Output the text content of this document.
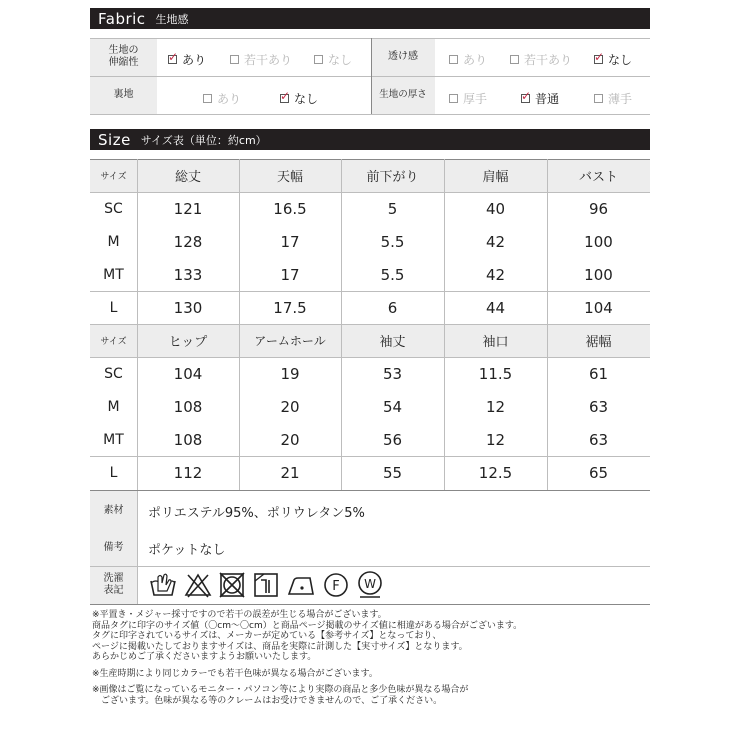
Fabric 生地感
生地の
伸縮性 ✓	あり	若干あり	なし	透け感	あり	若干あり ✓	なし
裏地	あり ✓	なし	生地の厚さ	厚手 ✓	普通	薄手
Size サイズ表（単位：約cm）
サイズ	総丈	天幅	前下がり	肩幅	バスト
SC	121	16.5	5	40	96
M	128	17	5.5	42	100
MT	133	17	5.5	42	100
L	130	17.5	6	44	104
サイズ	ヒップ	アームホール	袖丈	袖口	裾幅
SC	104	19	53	11.5	61
M	108	20	54	12	63
MT	108	20	56	12	63
L	112	21	55	12.5	65
素材	ポリエステル95%、ポリウレタン5%
備考	ポケットなし
洗濯
表記	F W
※平置き・メジャー採寸ですので若干の誤差が生じる場合がございます。
商品タグに印字のサイズ値（〇cm〜〇cm）と商品ページ掲載のサイズ値に相違がある場合がございます。
タグに印字されているサイズは、メーカーが定めている【参考サイズ】となっており、
ページに掲載いたしておりますサイズは、商品を実際に計測した【実寸サイズ】となります。
あらかじめご了承くださいますようお願いいたします。
※生産時期により同じカラーでも若干色味が異なる場合がございます。
※画像はご覧になっているモニター・パソコン等により実際の商品と多少色味が異なる場合が
　ございます。色味が異なる等のクレームはお受けできませんので、ご了承ください。
